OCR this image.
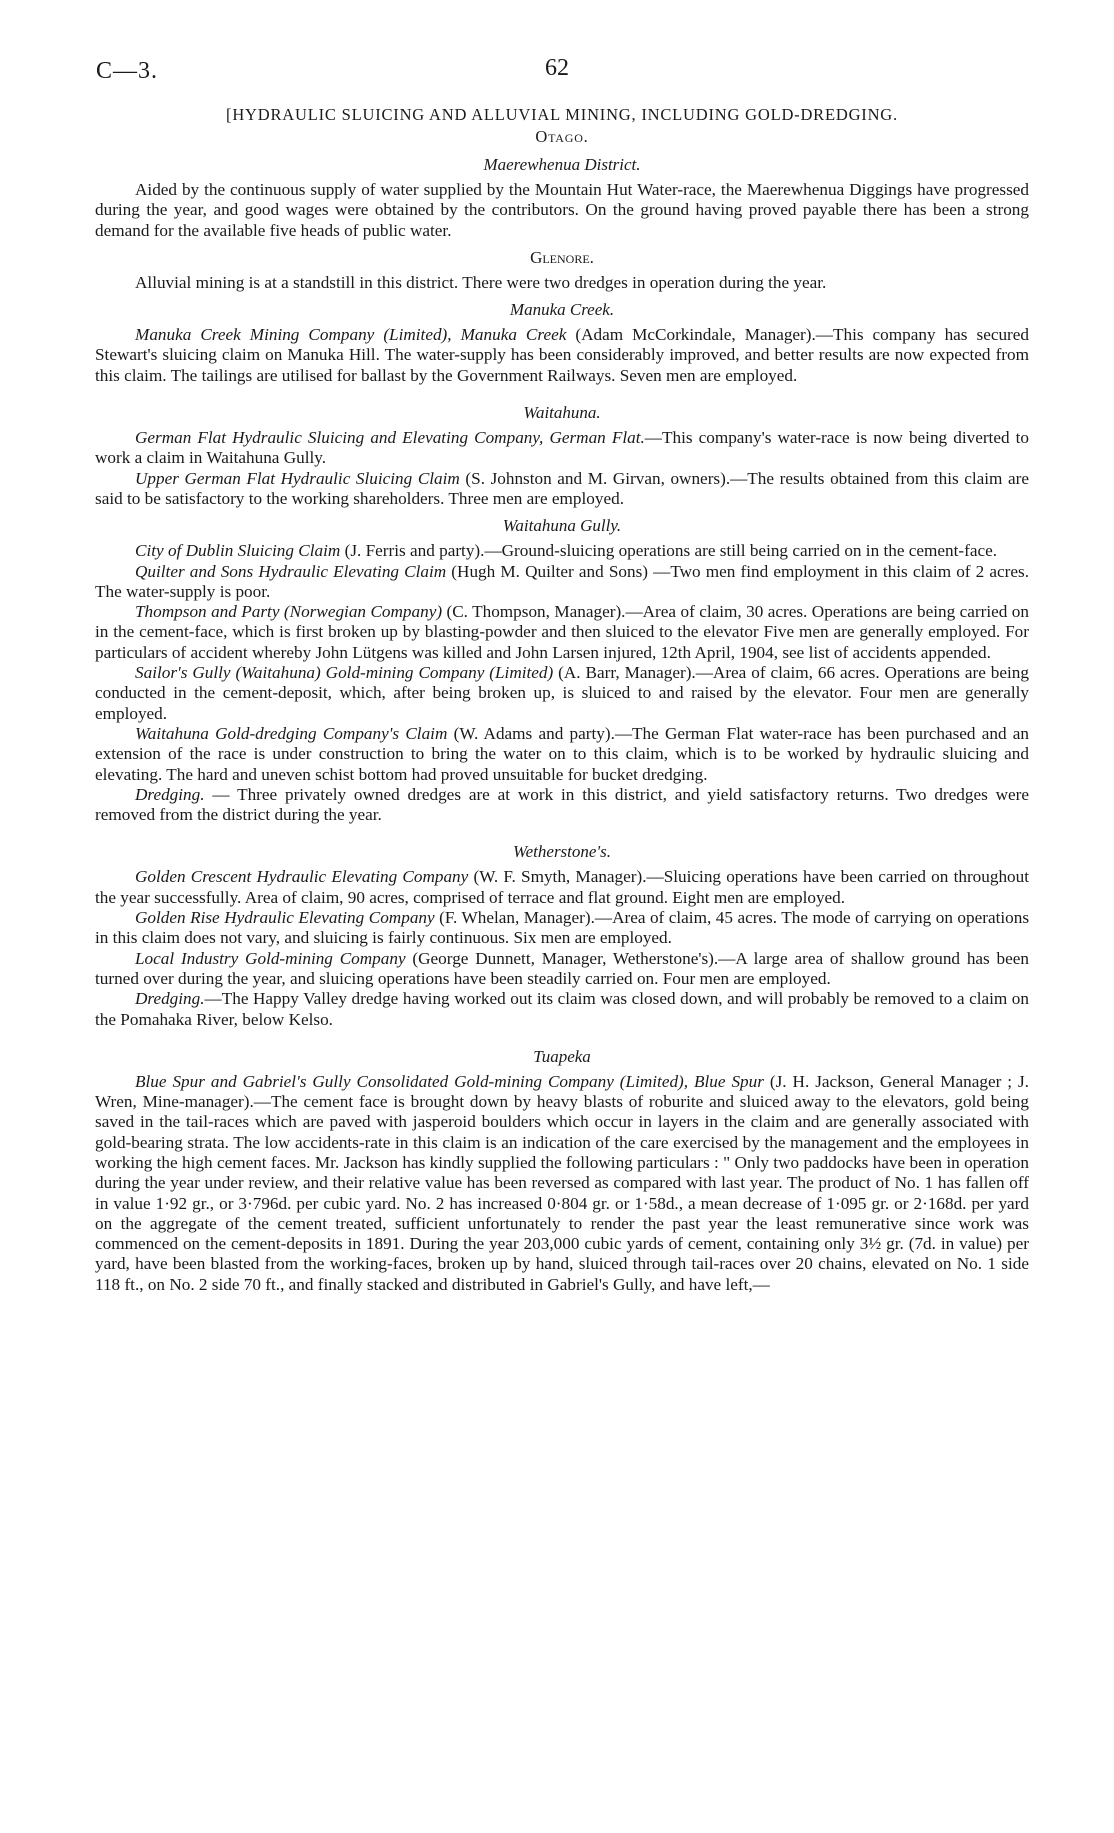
C—3.	62
[HYDRAULIC SLUICING AND ALLUVIAL MINING, INCLUDING GOLD-DREDGING.
Otago.
Maerewhenua District.

Aided by the continuous supply of water supplied by the Mountain Hut Water-race, the Maerewhenua Diggings have progressed during the year, and good wages were obtained by the contributors. On the ground having proved payable there has been a strong demand for the available five heads of public water.

Glenore.

Alluvial mining is at a standstill in this district. There were two dredges in operation during the year.

Manuka Creek.

Manuka Creek Mining Company (Limited), Manuka Creek (Adam McCorkindale, Manager).—This company has secured Stewart's sluicing claim on Manuka Hill. The water-supply has been considerably improved, and better results are now expected from this claim. The tailings are utilised for ballast by the Government Railways. Seven men are employed.

Waitahuna.

German Flat Hydraulic Sluicing and Elevating Company, German Flat.—This company's water-race is now being diverted to work a claim in Waitahuna Gully.

Upper German Flat Hydraulic Sluicing Claim (S. Johnston and M. Girvan, owners).—The results obtained from this claim are said to be satisfactory to the working shareholders. Three men are employed.

Waitahuna Gully.

City of Dublin Sluicing Claim (J. Ferris and party).—Ground-sluicing operations are still being carried on in the cement-face.

Quilter and Sons Hydraulic Elevating Claim (Hugh M. Quilter and Sons) —Two men find employment in this claim of 2 acres. The water-supply is poor.

Thompson and Party (Norwegian Company) (C. Thompson, Manager).—Area of claim, 30 acres. Operations are being carried on in the cement-face, which is first broken up by blasting-powder and then sluiced to the elevator Five men are generally employed. For particulars of accident whereby John Lütgens was killed and John Larsen injured, 12th April, 1904, see list of accidents appended.

Sailor's Gully (Waitahuna) Gold-mining Company (Limited) (A. Barr, Manager).—Area of claim, 66 acres. Operations are being conducted in the cement-deposit, which, after being broken up, is sluiced to and raised by the elevator. Four men are generally employed.

Waitahuna Gold-dredging Company's Claim (W. Adams and party).—The German Flat water-race has been purchased and an extension of the race is under construction to bring the water on to this claim, which is to be worked by hydraulic sluicing and elevating. The hard and uneven schist bottom had proved unsuitable for bucket dredging.

Dredging. — Three privately owned dredges are at work in this district, and yield satisfactory returns. Two dredges were removed from the district during the year.

Wetherstone's.

Golden Crescent Hydraulic Elevating Company (W. F. Smyth, Manager).—Sluicing operations have been carried on throughout the year successfully. Area of claim, 90 acres, comprised of terrace and flat ground. Eight men are employed.

Golden Rise Hydraulic Elevating Company (F. Whelan, Manager).—Area of claim, 45 acres. The mode of carrying on operations in this claim does not vary, and sluicing is fairly continuous. Six men are employed.

Local Industry Gold-mining Company (George Dunnett, Manager, Wetherstone's).—A large area of shallow ground has been turned over during the year, and sluicing operations have been steadily carried on. Four men are employed.

Dredging.—The Happy Valley dredge having worked out its claim was closed down, and will probably be removed to a claim on the Pomahaka River, below Kelso.

Tuapeka

Blue Spur and Gabriel's Gully Consolidated Gold-mining Company (Limited), Blue Spur (J. H. Jackson, General Manager ; J. Wren, Mine-manager).—The cement face is brought down by heavy blasts of roburite and sluiced away to the elevators, gold being saved in the tail-races which are paved with jasperoid boulders which occur in layers in the claim and are generally associated with gold-bearing strata. The low accidents-rate in this claim is an indication of the care exercised by the management and the employees in working the high cement faces. Mr. Jackson has kindly supplied the following particulars : " Only two paddocks have been in operation during the year under review, and their relative value has been reversed as compared with last year. The product of No. 1 has fallen off in value 1·92 gr., or 3·796d. per cubic yard. No. 2 has increased 0·804 gr. or 1·58d., a mean decrease of 1·095 gr. or 2·168d. per yard on the aggregate of the cement treated, sufficient unfortunately to render the past year the least remunerative since work was commenced on the cement-deposits in 1891. During the year 203,000 cubic yards of cement, containing only 3½ gr. (7d. in value) per yard, have been blasted from the working-faces, broken up by hand, sluiced through tail-races over 20 chains, elevated on No. 1 side 118 ft., on No. 2 side 70 ft., and finally stacked and distributed in Gabriel's Gully, and have left,—
